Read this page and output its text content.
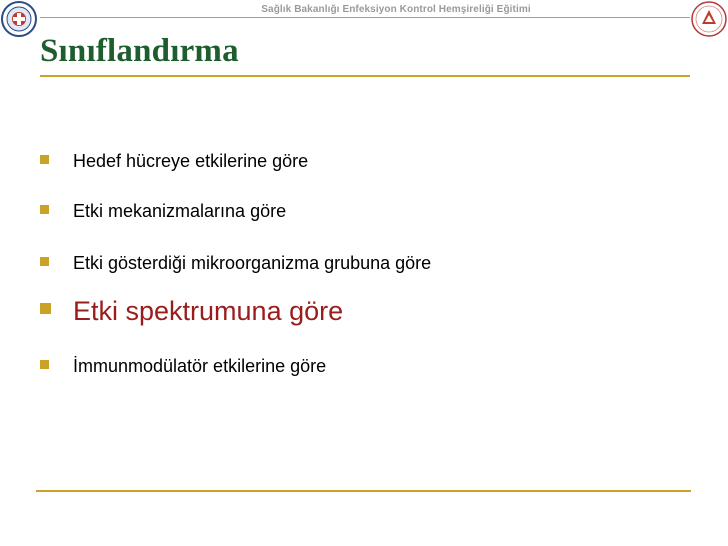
Sağlık Bakanlığı Enfeksiyon Kontrol Hemşireliği Eğitimi
Sınıflandırma
Hedef hücreye etkilerine göre
Etki mekanizmalarına göre
Etki gösterdiği mikroorganizma grubuna göre
Etki spektrumuna göre
İmmunmodülatör etkilerine göre
